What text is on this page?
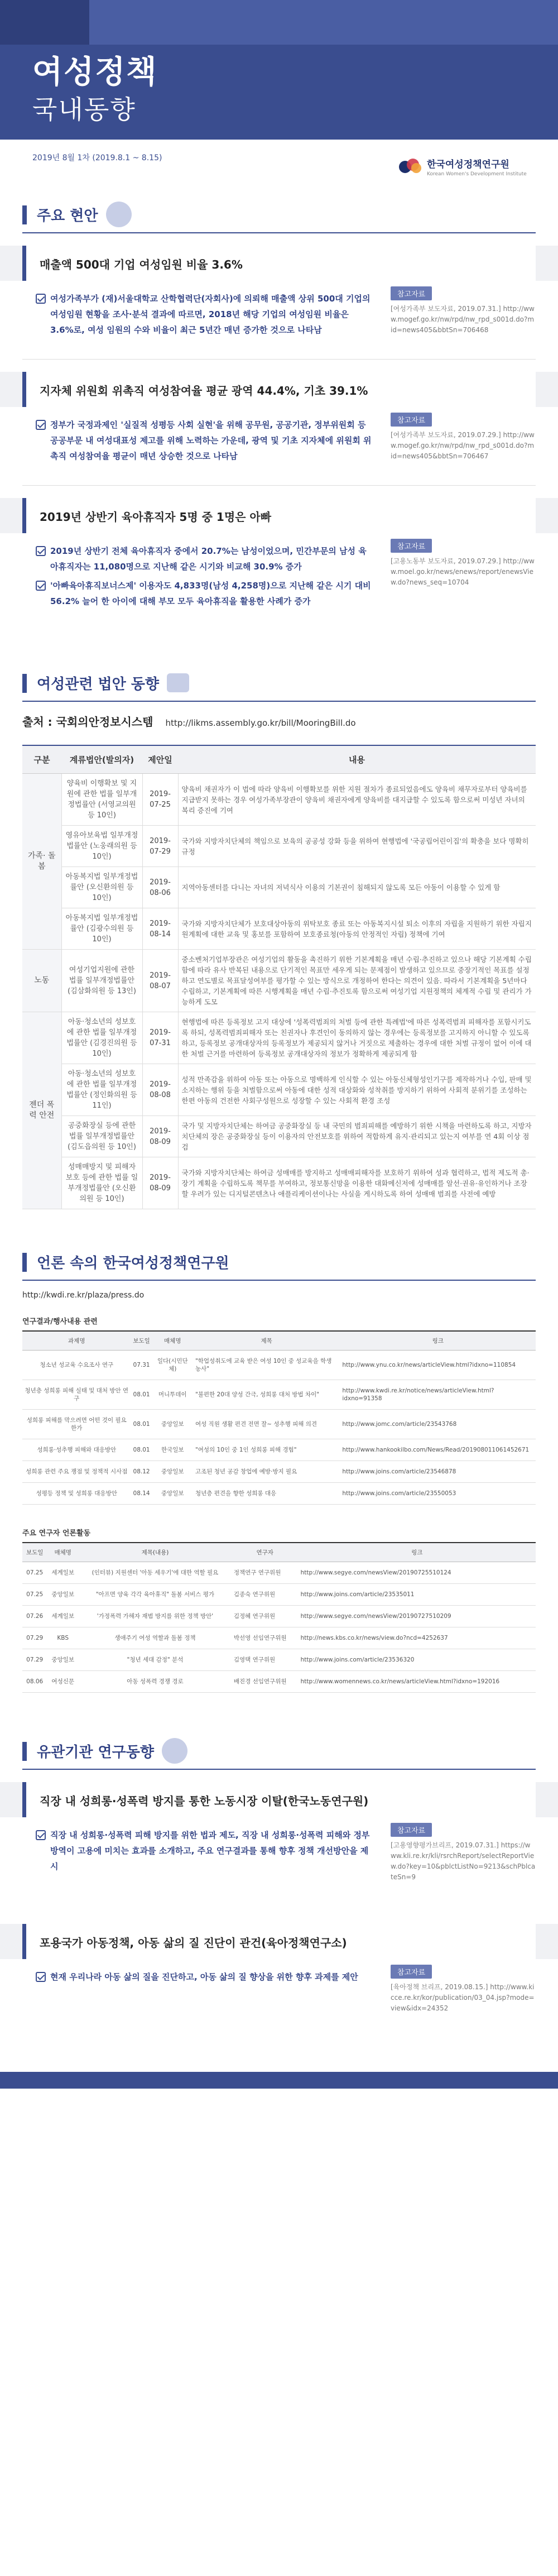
여성정책
국내동향
2019년 8월 1차 (2019.8.1 ~ 8.15)
한국여성정책연구원
Korean Women's Development Institute
주요 현안
매출액 500대 기업 여성임원 비율 3.6%
여성가족부가 (재)서울대학교 산학협력단(자회사)에 의뢰해 매출액 상위 500대 기업의 여성임원 현황을 조사·분석 결과에 따르면, 2018년 해당 기업의 여성임원 비율은 3.6%로, 여성 임원의 수와 비율이 최근 5년간 매년 증가한 것으로 나타남
참고자료
[여성가족부 보도자료, 2019.07.31.] http://www.mogef.go.kr/nw/rpd/nw_rpd_s001d.do?mid=news405&bbtSn=706468
지자체 위원회 위촉직 여성참여율 평균 광역 44.4%, 기초 39.1%
정부가 국정과제인 '실질적 성평등 사회 실현'을 위해 공무원, 공공기관, 정부위원회 등 공공부문 내 여성대표성 제고를 위해 노력하는 가운데, 광역 및 기초 지자체에 위원회 위촉직 여성참여율 평균이 매년 상승한 것으로 나타남
참고자료
[여성가족부 보도자료, 2019.07.29.] http://www.mogef.go.kr/nw/rpd/nw_rpd_s001d.do?mid=news405&bbtSn=706467
2019년 상반기 육아휴직자 5명 중 1명은 아빠
2019년 상반기 전체 육아휴직자 중에서 20.7%는 남성이었으며, 민간부문의 남성 육아휴직자는 11,080명으로 지난해 같은 시기와 비교해 30.9% 증가
'아빠육아휴직보너스제' 이용자도 4,833명(남성 4,258명)으로 지난해 같은 시기 대비 56.2% 늘어 한 아이에 대해 부모 모두 육아휴직을 활용한 사례가 증가
참고자료
[고용노동부 보도자료, 2019.07.29.] http://www.moel.go.kr/news/enews/report/enewsView.do?news_seq=10704
여성관련 법안 동향
출처 : 국회의안정보시스템 http://likms.assembly.go.kr/bill/MooringBill.do
구분	계류법안(발의자)	제안일	내용
가족· 돌봄	양육비 이행확보 및 지원에 관한 법률 일부개정법률안 (서영교의원 등 10인)	2019-07-25	양육비 채권자가 이 법에 따라 양육비 이행확보를 위한 지원 절차가 종료되었음에도 양육비 채무자로부터 양육비를 지급받지 못하는 경우 여성가족부장관이 양육비 채권자에게 양육비를 대지급할 수 있도록 함으로써 미성년 자녀의 복리 증진에 기여
	영유아보육법 일부개정법률안 (노웅래의원 등 10인)	2019-07-29	국가와 지방자치단체의 책임으로 보육의 공공성 강화 등을 위하여 현행법에 '국공립어린이집'의 확충을 보다 명확히 규정
	아동복지법 일부개정법률안 (오신환의원 등 10인)	2019-08-06	지역아동센터를 다니는 자녀의 저녁식사 이용의 기본권이 침해되지 않도록 모든 아동이 이용할 수 있게 함
	아동복지법 일부개정법률안 (김광수의원 등 10인)	2019-08-14	국가와 지방자치단체가 보호대상아동의 위탁보호 종료 또는 아동복지시설 퇴소 이후의 자립을 지원하기 위한 자립지원계획에 대한 교육 및 홍보를 포함하여 보호종료청(아동의 안정적인 자립) 정책에 기여
노동	여성기업지원에 관한 법률 일부개정법률안 (김삼화의원 등 13인)	2019-08-07	중소벤처기업부장관은 여성기업의 활동을 촉진하기 위한 기본계획을 매년 수립·추진하고 있으나 해당 기본계획 수립함에 따라 유사 반복된 내용으로 단기적인 목표만 세우게 되는 문제점이 발생하고 있으므로 중장기적인 목표를 설정하고 연도별로 목표달성여부를 평가할 수 있는 방식으로 개정하여 한다는 의견이 있음. 따라서 기본계획을 5년마다 수립하고, 기본계획에 따른 시행계획을 매년 수립·추진토록 함으로써 여성기업 지원정책의 체계적 수립 및 관리가 가능하게 도모
젠더 폭력 안전	아동·청소년의 성보호에 관한 법률 일부개정법률안 (김경진의원 등 10인)	2019-07-31	현행법에 따른 등록정보 고지 대상에 '성폭력범죄의 처벌 등에 관한 특례법'에 따른 성폭력범죄 피해자를 포함시키도록 하되, 성폭력범죄피해자 또는 친권자나 후견인이 동의하지 않는 경우에는 등록정보를 고지하지 아니할 수 있도록 하고, 등록정보 공개대상자의 등록정보가 제공되지 않거나 거짓으로 제출하는 경우에 대한 처벌 규정이 없어 이에 대한 처벌 근거를 마련하여 등록정보 공개대상자의 정보가 정확하게 제공되게 함
	아동·청소년의 성보호에 관한 법률 일부개정법률안 (정인화의원 등 11인)	2019-08-08	성적 만족감을 위하여 아동 또는 아동으로 명백하게 인식할 수 있는 아동신체형성인기구를 제작하거나 수입, 판매 및 소지하는 행위 등을 처벌함으로써 아동에 대한 성적 대상화와 성착취를 방지하기 위하여 사회적 분위기를 조성하는 한편 아동의 건전한 사회구성원으로 성장할 수 있는 사회적 환경 조성
	공중화장실 등에 관한 법률 일부개정법률안 (김도읍의원 등 10인)	2019-08-09	국가 및 지방자치단체는 하여금 공중화장실 등 내 국민의 범죄피해를 예방하기 위한 시책을 마련하도록 하고, 지방자치단체의 장은 공중화장실 등이 이용자의 안전보호를 위하여 적합하게 유지·관리되고 있는지 여부를 연 4회 이상 점검
	성매매방지 및 피해자보호 등에 관한 법률 일부개정법률안 (오신환의원 등 10인)	2019-08-09	국가와 지방자치단체는 하여금 성매매를 방지하고 성매매피해자를 보호하기 위하여 성과 협력하고, 법적 제도적 총·장기 계획을 수립하도록 책무를 부여하고, 정보통신망을 이용한 대화메신저에 성매매를 알선·권유·유인하거나 조장할 우려가 있는 디지털콘텐츠나 애플리케이션이나는 사실을 게시하도록 하여 성매매 범죄를 사전에 예방
언론 속의 한국여성정책연구원
http://kwdi.re.kr/plaza/press.do
연구결과/행사내용 관련
과제명	보도일	매체명	제목	링크
청소년 성교육 수요조사 연구	07.31	일다(시민단체)	"학업성취도에 교육 받은 여성 10인 중 성교육을 학생 농사"	http://www.ynu.co.kr/news/articleView.html?idxno=110854
청년층 성희롱 피해 실태 및 대처 방안 연구	08.01	머니투데이	"불편한 20대 양성 간극, 성희롱 대처 방법 차이"	http://www.kwdi.re.kr/notice/news/articleView.html?idxno=91358
성희롱 피해를 막으려면 어떤 것이 필요한가	08.01	중앙일보	여성 직원 생활 편견 전면 잘~ 성추행 피해 의견	http://www.jomc.com/article/23543768
성희롱·성추행 피해와 대응방안	08.01	한국일보	"여성의 10인 중 1인 성희롱 피해 경험"	http://www.hankookilbo.com/News/Read/201908011061452671
성희롱 관련 주요 쟁점 및 정책적 시사점	08.12	중앙일보	고조된 청년 공감 창업에 예방·방지 필요	http://www.joins.com/article/23546878
성평등 정책 및 성희롱 대응방안	08.14	중앙일보	청년층 편견을 향한 성희롱 대응	http://www.joins.com/article/23550053
주요 연구자 언론활동
보도일	매체명	제목(내용)	연구자	링크
07.25	세계일보	(인터뷰) 지원센터 '아동 세우기'에 대한 역할 필요	정책연구 연구위원	http://www.segye.com/newsView/20190725510124
07.25	중앙일보	"아프면 양육 각각 육아휴직" 돌봄 서비스 평가	김종숙 연구위원	http://www.joins.com/article/23535011
07.26	세계일보	'가정폭력 가해자 재범 방지를 위한 정책 방안'	김정혜 연구위원	http://www.segye.com/newsView/20190727510209
07.29	KBS	생애주기 여성 역할과 돌봄 정책	박선영 선임연구위원	http://news.kbs.co.kr/news/view.do?ncd=4252637
07.29	중앙일보	"청년 세대 감정" 분석	김영택 연구위원	http://www.joins.com/article/23536320
08.06	여성신문	아동 성폭력 경쟁 경로	배진경 선임연구위원	http://www.womennews.co.kr/news/articleView.html?idxno=192016
유관기관 연구동향
직장 내 성희롱·성폭력 방지를 통한 노동시장 이탈(한국노동연구원)
직장 내 성희롱·성폭력 피해 방지를 위한 법과 제도, 직장 내 성희롱·성폭력 피해와 정부방역이 고용에 미치는 효과를 소개하고, 주요 연구결과를 통해 향후 정책 개선방안을 제시
참고자료
[고용영향평가브리프, 2019.07.31.] https://www.kli.re.kr/kli/rsrchReport/selectReportView.do?key=10&pblctListNo=9213&schPblcateSn=9
포용국가 아동정책, 아동 삶의 질 진단이 관건(육아정책연구소)
현재 우리나라 아동 삶의 질을 진단하고, 아동 삶의 질 향상을 위한 향후 과제를 제안	참고자료
[육아정책 브리프, 2019.08.15.] http://www.kicce.re.kr/kor/publication/03_04.jsp?mode=view&idx=24352
